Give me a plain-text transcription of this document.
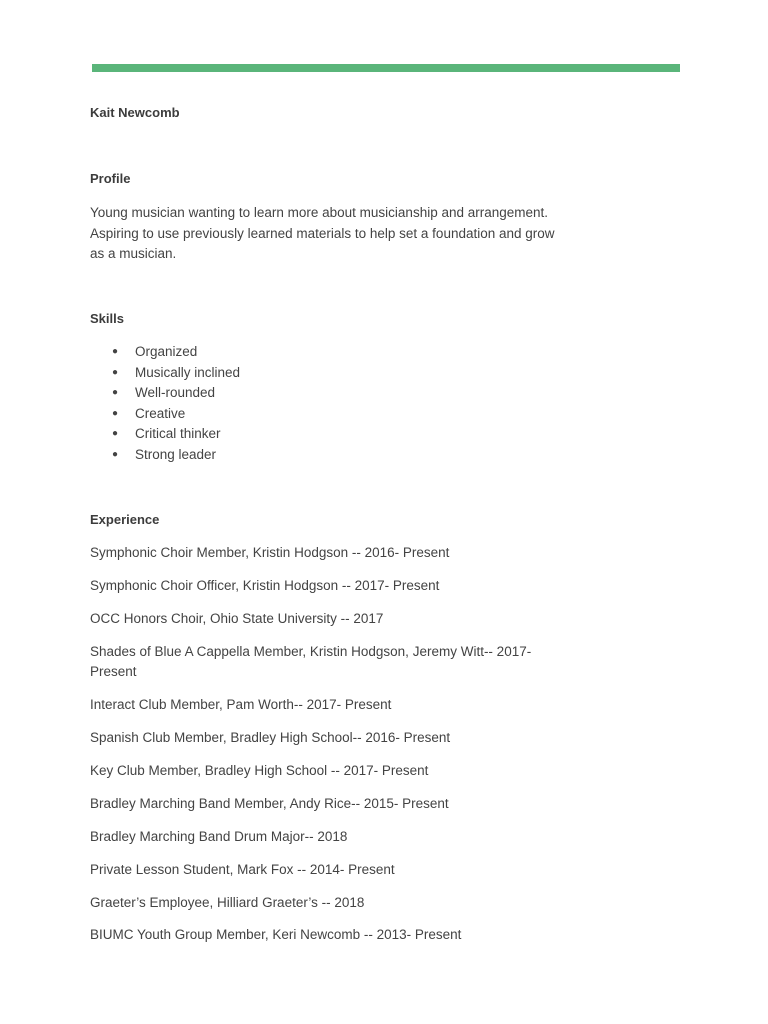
Kait Newcomb
Profile
Young musician wanting to learn more about musicianship and arrangement. Aspiring to use previously learned materials to help set a foundation and grow as a musician.
Skills
● Organized
● Musically inclined
● Well-rounded
● Creative
● Critical thinker
● Strong leader
Experience
Symphonic Choir Member, Kristin Hodgson -- 2016- Present
Symphonic Choir Officer, Kristin Hodgson -- 2017- Present
OCC Honors Choir, Ohio State University -- 2017
Shades of Blue A Cappella Member, Kristin Hodgson, Jeremy Witt-- 2017- Present
Interact Club Member, Pam Worth-- 2017- Present
Spanish Club Member, Bradley High School-- 2016- Present
Key Club Member, Bradley High School -- 2017- Present
Bradley Marching Band Member, Andy Rice-- 2015- Present
Bradley Marching Band Drum Major-- 2018
Private Lesson Student, Mark Fox -- 2014- Present
Graeter’s Employee, Hilliard Graeter’s -- 2018
BIUMC Youth Group Member, Keri Newcomb -- 2013- Present
